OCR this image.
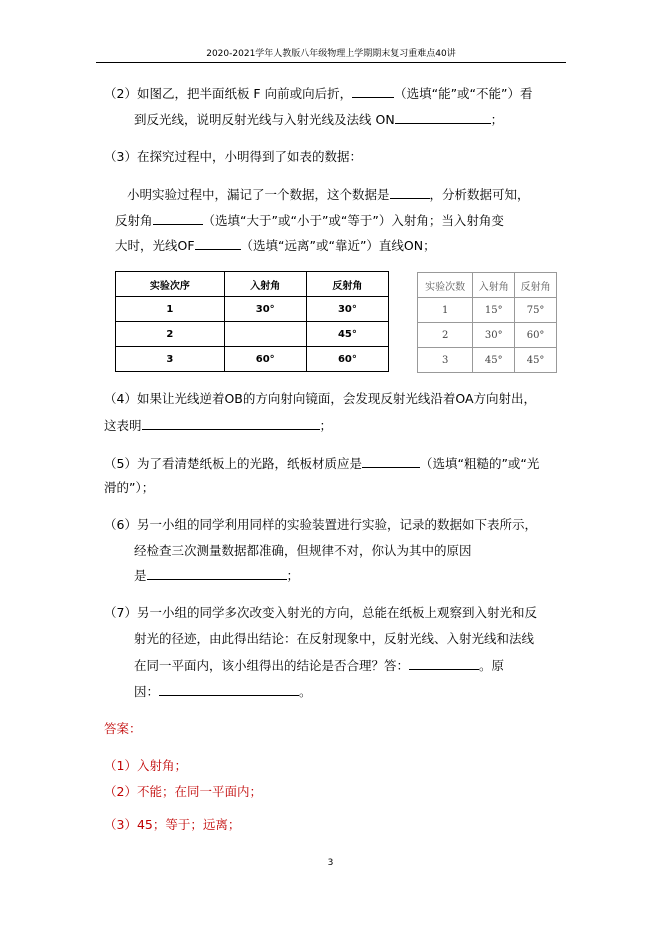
2020-2021学年人教版八年级物理上学期期末复习重难点40讲
（2）如图乙，把半面纸板 F 向前或向后折，	（选填“能”或“不能”）看
到反光线，说明反射光线与入射光线及法线 ON	；
（3）在探究过程中，小明得到了如表的数据：
小明实验过程中，漏记了一个数据，这个数据是	，分析数据可知，
反射角	（选填“大于”或“小于”或“等于”）入射角；当入射角变
大时，光线OF	（选填“远离”或“靠近”）直线ON；
实验次序	入射角	反射角
1	30°	30°
2		45°
3	60°	60°
实验次数	入射角	反射角
1	15°	75°
2	30°	60°
3	45°	45°
（4）如果让光线逆着OB的方向射向镜面，会发现反射光线沿着OA方向射出，
这表明	；
（5）为了看清楚纸板上的光路，纸板材质应是	（选填“粗糙的”或“光
滑的”）；
（6）另一小组的同学利用同样的实验装置进行实验，记录的数据如下表所示，
经检查三次测量数据都准确，但规律不对，你认为其中的原因
是	；
（7）另一小组的同学多次改变入射光的方向，总能在纸板上观察到入射光和反
射光的径迹，由此得出结论：在反射现象中，反射光线、入射光线和法线
在同一平面内，该小组得出的结论是否合理？答：	。原
因：	。
答案：
（1）入射角；
（2）不能；在同一平面内；
（3）45；等于；远离；
3
